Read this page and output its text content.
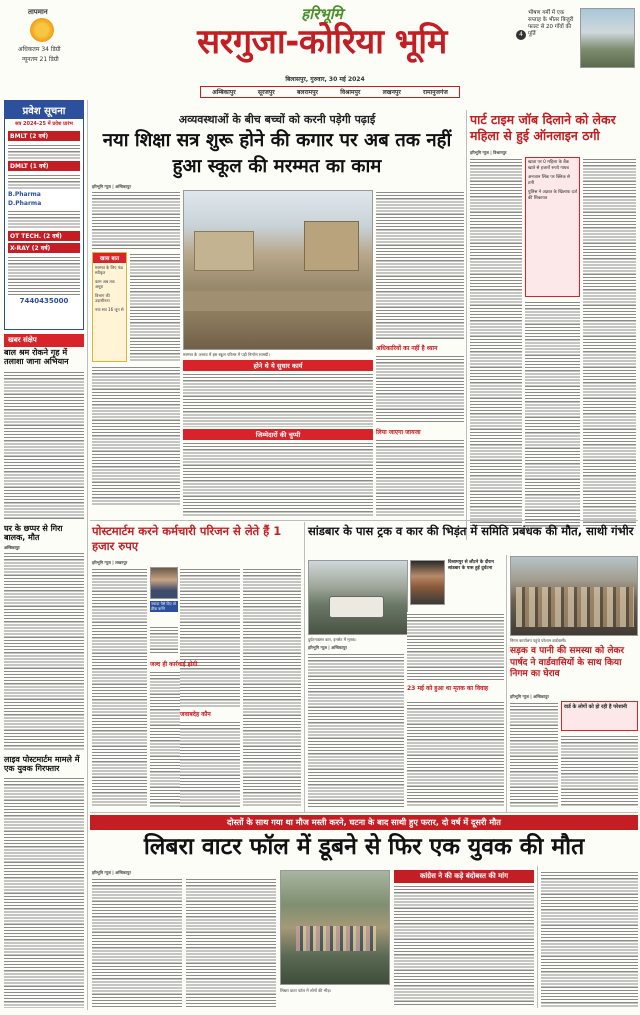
तापमान
अधिकतम 34 डिग्री
न्यूनतम 21 डिग्री
हरिभूमि
सरगुजा-कोरिया भूमि
बिलासपुर, गुरुवार, 30 मई 2024
4
भीषण गर्मी में एक सप्ताह के भीतर बिजुरी फाल्ट से 20 गाँवों की पूर्ति
अम्बिकापुर	सूरजपुर	बलरामपुर	विश्रामपुर	लखनपुर	रामानुजगंज
प्रवेश सूचना
सत्र 2024-25 में प्रवेश प्रारंभ
BMLT (2 वर्ष)
DMLT (1 वर्ष)
B.Pharma
D.Pharma
OT TECH. (2 वर्ष)
X-RAY (2 वर्ष)
7440435000
खबर संक्षेप
बाल श्रम रोकने गृह में तलाशा जाना अभियान
घर के छप्पर से गिरा बालक, मौत
अम्बिकापुर
लाइव पोस्टमार्टम मामले में एक युवक गिरफ्तार
अव्यवस्थाओं के बीच बच्चों को करनी पड़ेगी पढ़ाई
नया शिक्षा सत्र शुरू होने की कगार पर अब तक नहीं हुआ स्कूल की मरम्मत का काम
हरिभूमि न्यूज | अम्बिकापुर
खास बात
मरम्मत के लिए फंड स्वीकृत
काम अब तक अधूरा
विभाग की उदासीनता
नया सत्र 16 जून से
मरम्मत के अभाव में इस स्कूल परिसर में पड़ी निर्माण सामग्री।
होने थे ये सुधार कार्य
जिम्मेदारों की चुप्पी
अधिकारियों का नहीं है ध्यान
लिया जाएगा जायजा
पार्ट टाइम जॉब दिलाने को लेकर महिला से हुई ऑनलाइन ठगी
हरिभूमि न्यूज | विश्रामपुर
खाता पर 0 महिला के बैंक खाते से हजारों रुपये गायब
अनजान लिंक पर क्लिक से ठगी
पुलिस ने अज्ञात के खिलाफ दर्ज की शिकायत
पोस्टमार्टम करने कर्मचारी परिजन से लेते हैं 1 हजार रुपए
हरिभूमि न्यूज | लखनपुर
ज्यादा पैसे दिए तो ठीक करेंगे
जल्द ही कार्रवाई होगी
जवाबदेह कौन
सांडबार के पास ट्रक व कार की भिड़ंत में समिति प्रबंधक की मौत, साथी गंभीर
विश्रामपुर से लौटने के दौरान सांडबार के पास हुई दुर्घटना
दुर्घटनाग्रस्त कार, इनसेट में मृतक।
हरिभूमि न्यूज | अम्बिकापुर
23 मई को हुआ था मृतक का विवाह
निगम कार्यालय पहुंचे परेशान वार्डवासी।
सड़क व पानी की समस्या को लेकर पार्षद ने वार्डवासियों के साथ किया निगम का घेराव
हरिभूमि न्यूज | अम्बिकापुर
वार्ड के लोगों को हो रही है परेशानी
दोस्तों के साथ गया था मौज मस्ती करने, घटना के बाद साथी हुए फरार, दो वर्ष में दूसरी मौत
लिबरा वाटर फॉल में डूबने से फिर एक युवक की मौत
हरिभूमि न्यूज | अम्बिकापुर
लिबरा वाटर फॉल में लोगों की भीड़।
कांग्रेस ने की कड़े बंदोबस्त की मांग
